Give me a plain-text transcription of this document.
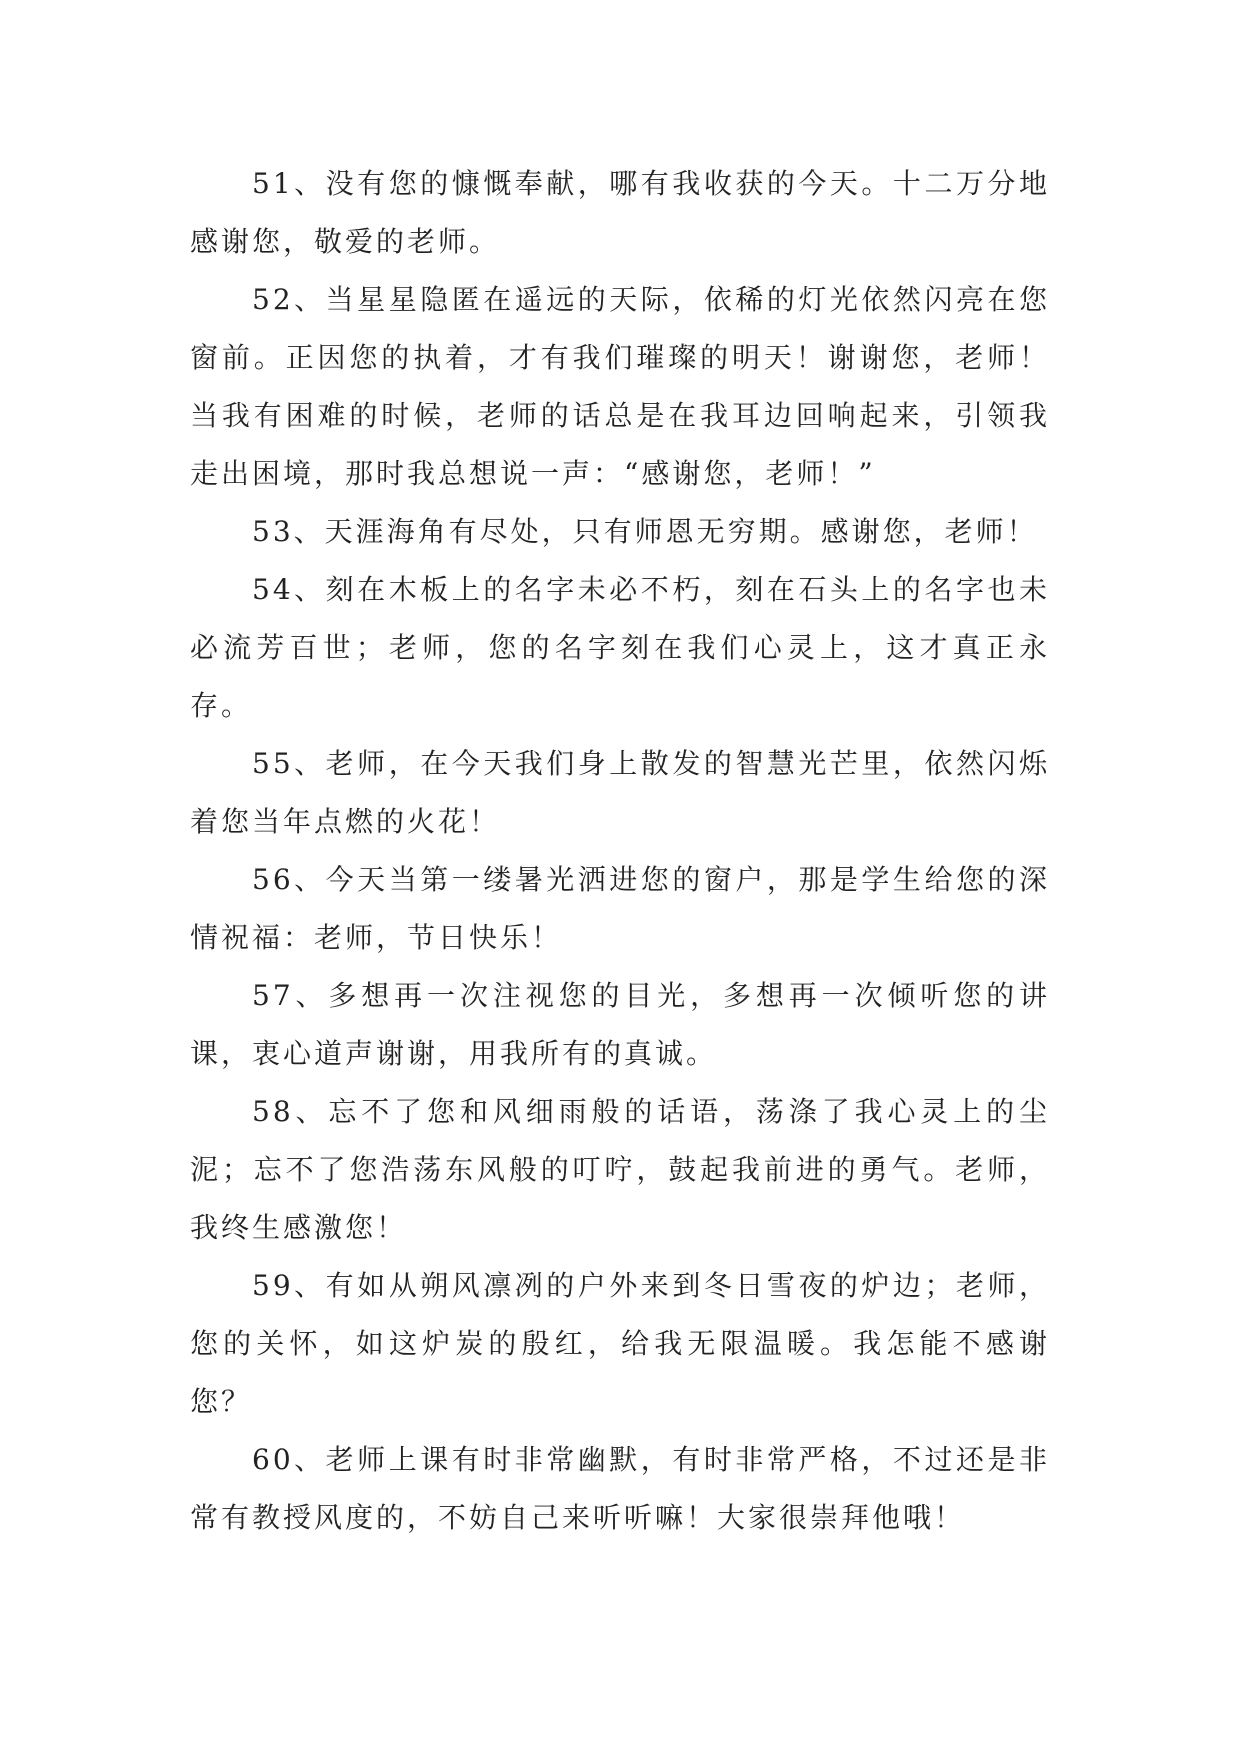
51、没有您的慷慨奉献，哪有我收获的今天。十二万分地感谢您，敬爱的老师。

52、当星星隐匿在遥远的天际，依稀的灯光依然闪亮在您窗前。正因您的执着，才有我们璀璨的明天！谢谢您，老师！当我有困难的时候，老师的话总是在我耳边回响起来，引领我走出困境，那时我总想说一声：“感谢您，老师！”

53、天涯海角有尽处，只有师恩无穷期。感谢您，老师！

54、刻在木板上的名字未必不朽，刻在石头上的名字也未必流芳百世；老师，您的名字刻在我们心灵上，这才真正永存。

55、老师，在今天我们身上散发的智慧光芒里，依然闪烁着您当年点燃的火花！

56、今天当第一缕暑光洒进您的窗户，那是学生给您的深情祝福：老师，节日快乐！

57、多想再一次注视您的目光，多想再一次倾听您的讲课，衷心道声谢谢，用我所有的真诚。

58、忘不了您和风细雨般的话语，荡涤了我心灵上的尘泥；忘不了您浩荡东风般的叮咛，鼓起我前进的勇气。老师，我终生感激您！

59、有如从朔风凛冽的户外来到冬日雪夜的炉边；老师，您的关怀，如这炉炭的殷红，给我无限温暖。我怎能不感谢您？

60、老师上课有时非常幽默，有时非常严格，不过还是非常有教授风度的，不妨自己来听听嘛！大家很崇拜他哦！
